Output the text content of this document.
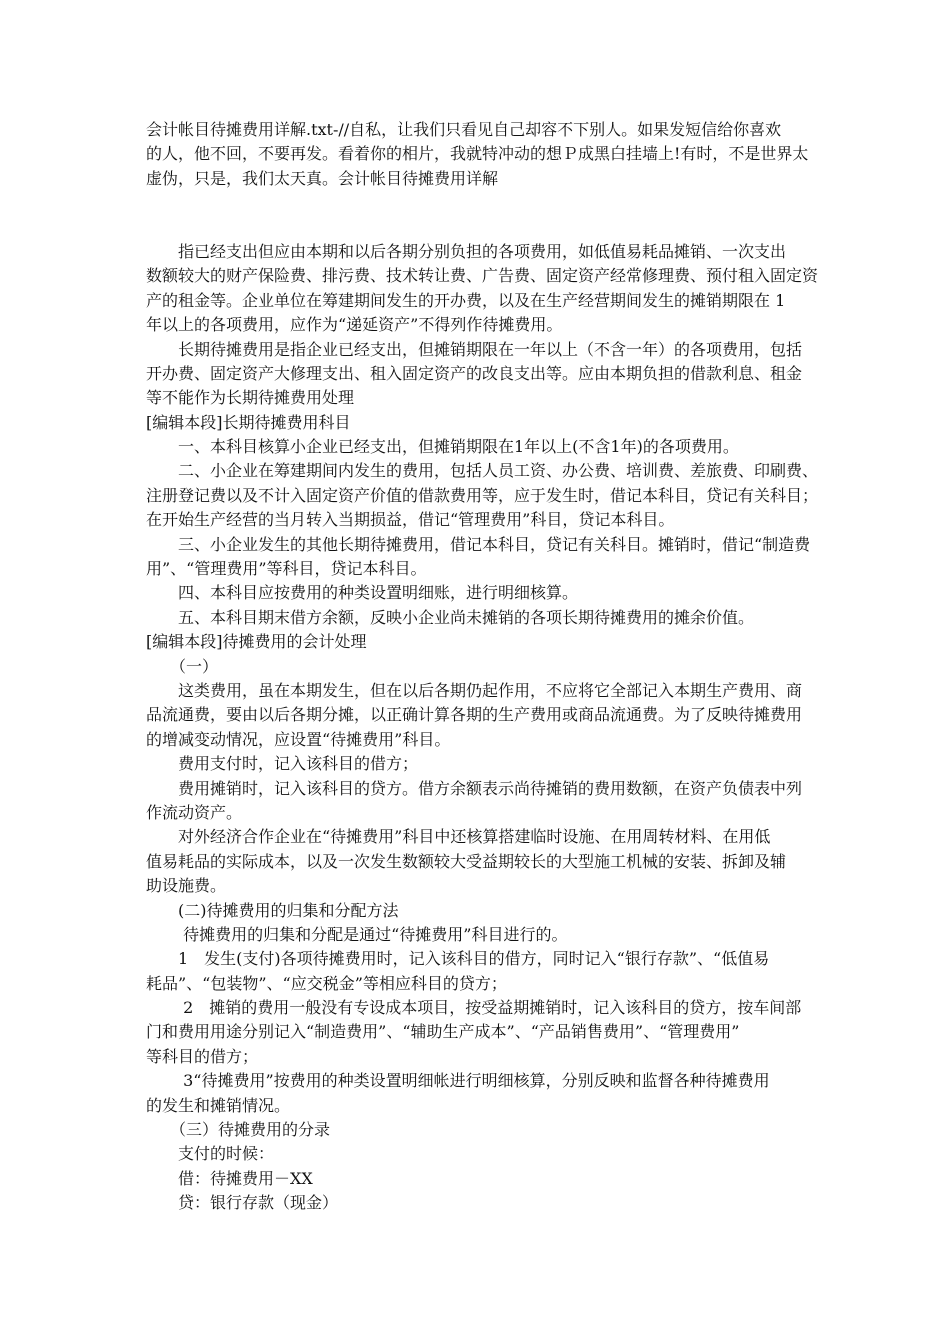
会计帐目待摊费用详解.txt-//自私，让我们只看见自己却容不下别人。如果发短信给你喜欢
的人，他不回，不要再发。看着你的相片，我就特冲动的想Ｐ成黑白挂墙上!有时，不是世界太
虚伪，只是，我们太天真。会计帐目待摊费用详解
　　指已经支出但应由本期和以后各期分别负担的各项费用，如低值易耗品摊销、一次支出
数额较大的财产保险费、排污费、技术转让费、广告费、固定资产经常修理费、预付租入固定资
产的租金等。企业单位在筹建期间发生的开办费，以及在生产经营期间发生的摊销期限在 1
年以上的各项费用，应作为“递延资产”不得列作待摊费用。
　　长期待摊费用是指企业已经支出，但摊销期限在一年以上（不含一年）的各项费用，包括
开办费、固定资产大修理支出、租入固定资产的改良支出等。应由本期负担的借款利息、租金
等不能作为长期待摊费用处理
[编辑本段]长期待摊费用科目
　　一、本科目核算小企业已经支出，但摊销期限在1年以上(不含1年)的各项费用。
　　二、小企业在筹建期间内发生的费用，包括人员工资、办公费、培训费、差旅费、印刷费、
注册登记费以及不计入固定资产价值的借款费用等，应于发生时，借记本科目，贷记有关科目；
在开始生产经营的当月转入当期损益，借记“管理费用”科目，贷记本科目。
　　三、小企业发生的其他长期待摊费用，借记本科目，贷记有关科目。摊销时，借记“制造费
用”、“管理费用”等科目，贷记本科目。
　　四、本科目应按费用的种类设置明细账，进行明细核算。
　　五、本科目期末借方余额，反映小企业尚未摊销的各项长期待摊费用的摊余价值。
[编辑本段]待摊费用的会计处理
　　（一）
　　这类费用，虽在本期发生，但在以后各期仍起作用，不应将它全部记入本期生产费用、商
品流通费，要由以后各期分摊，以正确计算各期的生产费用或商品流通费。为了反映待摊费用
的增减变动情况，应设置“待摊费用”科目。
　　费用支付时，记入该科目的借方；
　　费用摊销时，记入该科目的贷方。借方余额表示尚待摊销的费用数额，在资产负债表中列
作流动资产。
　　对外经济合作企业在“待摊费用”科目中还核算搭建临时设施、在用周转材料、在用低
值易耗品的实际成本，以及一次发生数额较大受益期较长的大型施工机械的安装、拆卸及辅
助设施费。
　　(二)待摊费用的归集和分配方法
　　 待摊费用的归集和分配是通过“待摊费用”科目进行的。
　　1　发生(支付)各项待摊费用时，记入该科目的借方，同时记入“银行存款”、“低值易
耗品”、“包装物”、“应交税金”等相应科目的贷方；
　　 2　摊销的费用一般没有专设成本项目，按受益期摊销时，记入该科目的贷方，按车间部
门和费用用途分别记入“制造费用”、“辅助生产成本”、“产品销售费用”、“管理费用”
等科目的借方；
　　 3“待摊费用”按费用的种类设置明细帐进行明细核算，分别反映和监督各种待摊费用
的发生和摊销情况。
　　（三）待摊费用的分录
　　支付的时候：
　　借：待摊费用－XX
　　贷：银行存款（现金）
